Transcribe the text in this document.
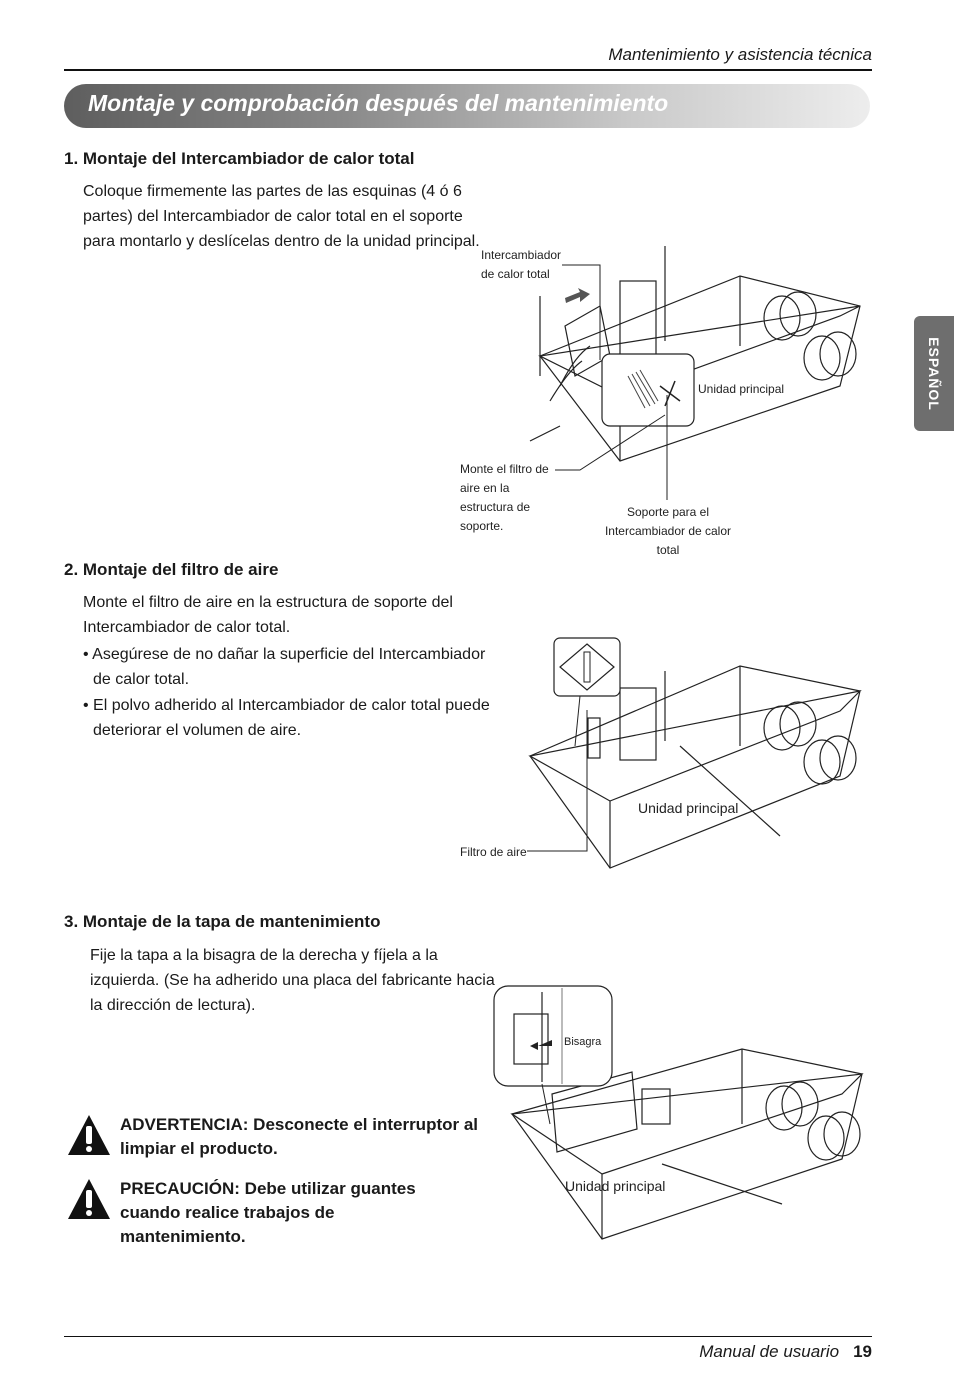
Mantenimiento y asistencia técnica
Montaje y comprobación después del mantenimiento
ESPAÑOL
1. Montaje del Intercambiador de calor total
Coloque firmemente las partes de las esquinas (4 ó 6
partes) del Intercambiador de calor total en el soporte
para montarlo y deslícelas dentro de la unidad principal.
Intercambiador
de calor total
Unidad principal
Monte el filtro de
aire en la
estructura de
soporte.
Soporte para el
Intercambiador de calor total
2. Montaje del filtro de aire
Monte el filtro de aire en la estructura de soporte del
Intercambiador de calor total.
• Asegúrese de no dañar la superficie del Intercambiador
de calor total.
• El polvo adherido al Intercambiador de calor total puede
deteriorar el volumen de aire.
Unidad principal
Filtro de aire
3. Montaje de la tapa de mantenimiento
Fije la tapa a la bisagra de la derecha y fíjela a la
izquierda. (Se ha adherido una placa del fabricante hacia
la dirección de lectura).
Bisagra
Unidad principal
ADVERTENCIA: Desconecte el interruptor al
limpiar el producto.
PRECAUCIÓN: Debe utilizar guantes
cuando realice trabajos de
mantenimiento.
Manual de usuario 19
